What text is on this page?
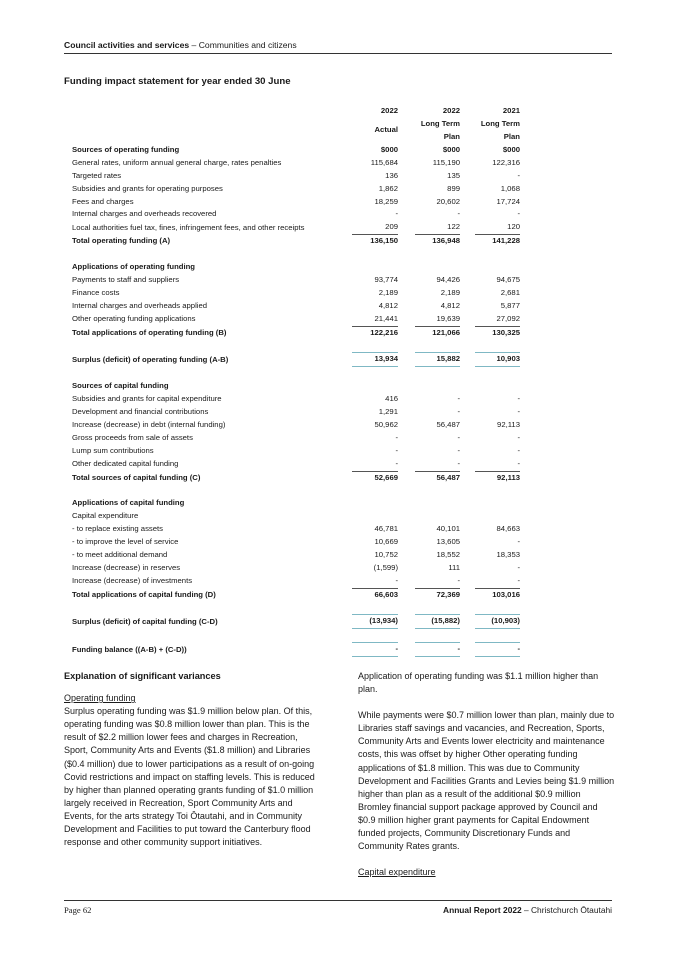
Council activities and services – Communities and citizens
Funding impact statement for year ended 30 June
	2022		2022		2021	
	Actual		Long Term Plan		Long Term Plan	
Sources of operating funding	$000		$000		$000	
General rates, uniform annual general charge, rates penalties	115,684		115,190		122,316	
Targeted rates	136		135		-	
Subsidies and grants for operating purposes	1,862		899		1,068	
Fees and charges	18,259		20,602		17,724	
Internal charges and overheads recovered	-		-		-	
Local authorities fuel tax, fines, infringement fees, and other receipts	209		122		120	
Total operating funding (A)	136,150		136,948		141,228	

Applications of operating funding						
Payments to staff and suppliers	93,774		94,426		94,675	
Finance costs	2,189		2,189		2,681	
Internal charges and overheads applied	4,812		4,812		5,877	
Other operating funding applications	21,441		19,639		27,092	
Total applications of operating funding (B)	122,216		121,066		130,325	

Surplus (deficit) of operating funding (A-B)	13,934		15,882		10,903	

Sources of capital funding						
Subsidies and grants for capital expenditure	416		-		-	
Development and financial contributions	1,291		-		-	
Increase (decrease) in debt (internal funding)	50,962		56,487		92,113	
Gross proceeds from sale of assets	-		-		-	
Lump sum contributions	-		-		-	
Other dedicated capital funding	-		-		-	
Total sources of capital funding (C)	52,669		56,487		92,113	

Applications of capital funding						
Capital expenditure						
- to replace existing assets	46,781		40,101		84,663	
- to improve the level of service	10,669		13,605		-	
- to meet additional demand	10,752		18,552		18,353	
Increase (decrease) in reserves	(1,599)		111		-	
Increase (decrease) of investments	-		-		-	
Total applications of capital funding (D)	66,603		72,369		103,016	

Surplus (deficit) of capital funding (C-D)	(13,934)		(15,882)		(10,903)	

Funding balance ((A-B) + (C-D))	-		-		-	

Explanation of significant variances

Operating funding

Surplus operating funding was $1.9 million below plan. Of this, operating funding was $0.8 million lower than plan. This is the result of $2.2 million lower fees and charges in Recreation, Sport, Community Arts and Events ($1.8 million) and Libraries ($0.4 million) due to lower participations as a result of on-going Covid restrictions and impact on staffing levels. This is reduced by higher than planned operating grants funding of $1.0 million largely received in Recreation, Sport Community Arts and Events, for the arts strategy Toi Ōtautahi, and in Community Development and Facilities to put toward the Canterbury flood response and other community support initiatives.

Application of operating funding was $1.1 million higher than plan.

While payments were $0.7 million lower than plan, mainly due to Libraries staff savings and vacancies, and Recreation, Sports, Community Arts and Events lower electricity and maintenance costs, this was offset by higher Other operating funding applications of $1.8 million. This was due to Community Development and Facilities Grants and Levies being $1.9 million higher than plan as a result of the additional $0.9 million Bromley financial support package approved by Council and $0.9 million higher grant payments for Capital Endowment funded projects, Community Discretionary Funds and Community Rates grants.

Capital expenditure

Page 62	Annual Report 2022 – Christchurch Ōtautahi
